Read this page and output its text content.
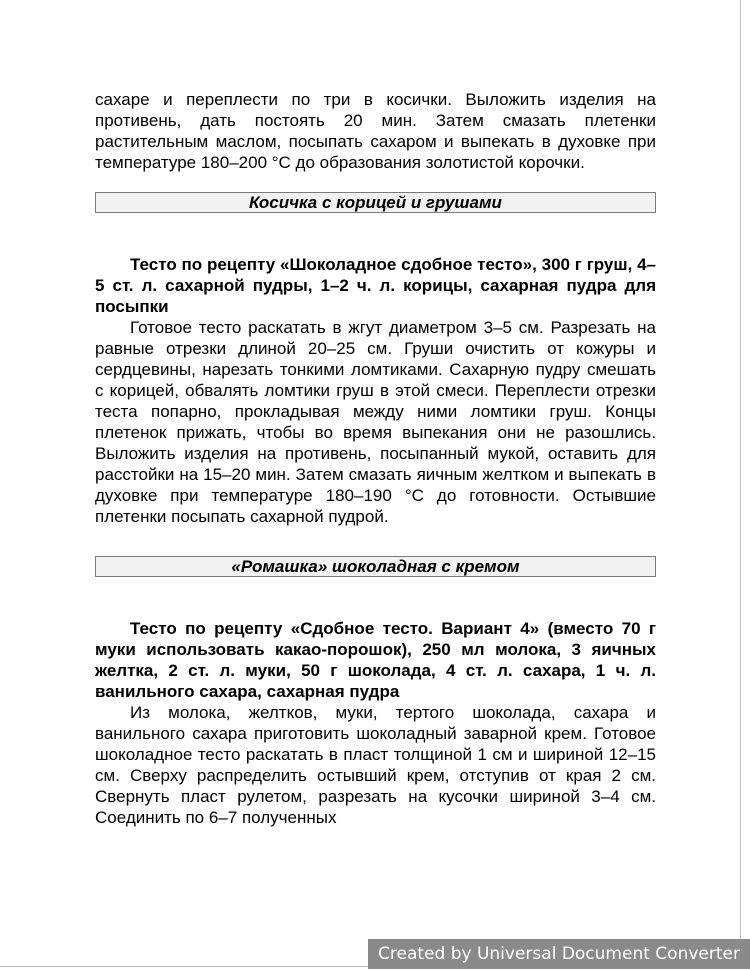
сахаре и переплести по три в косички. Выложить изделия на противень, дать постоять 20 мин. Затем смазать плетенки растительным маслом, посыпать сахаром и выпекать в духовке при температуре 180–200 °С до образования золотистой корочки.

Косичка с корицей и грушами

Тесто по рецепту «Шоколадное сдобное тесто», 300 г груш, 4–5 ст. л. сахарной пудры, 1–2 ч. л. корицы, сахарная пудра для посыпки

Готовое тесто раскатать в жгут диаметром 3–5 см. Разрезать на равные отрезки длиной 20–25 см. Груши очистить от кожуры и сердцевины, нарезать тонкими ломтиками. Сахарную пудру смешать с корицей, обвалять ломтики груш в этой смеси. Переплести отрезки теста попарно, прокладывая между ними ломтики груш. Концы плетенок прижать, чтобы во время выпекания они не разошлись. Выложить изделия на противень, посыпанный мукой, оставить для расстойки на 15–20 мин. Затем смазать яичным желтком и выпекать в духовке при температуре 180–190 °С до готовности. Остывшие плетенки посыпать сахарной пудрой.

«Ромашка» шоколадная с кремом

Тесто по рецепту «Сдобное тесто. Вариант 4» (вместо 70 г муки использовать какао-порошок), 250 мл молока, 3 яичных желтка, 2 ст. л. муки, 50 г шоколада, 4 ст. л. сахара, 1 ч. л. ванильного сахара, сахарная пудра

Из молока, желтков, муки, тертого шоколада, сахара и ванильного сахара приготовить шоколадный заварной крем. Готовое шоколадное тесто раскатать в пласт толщиной 1 см и шириной 12–15 см. Сверху распределить остывший крем, отступив от края 2 см. Свернуть пласт рулетом, разрезать на кусочки шириной 3–4 см. Соединить по 6–7 полученных

Created by Universal Document Converter
